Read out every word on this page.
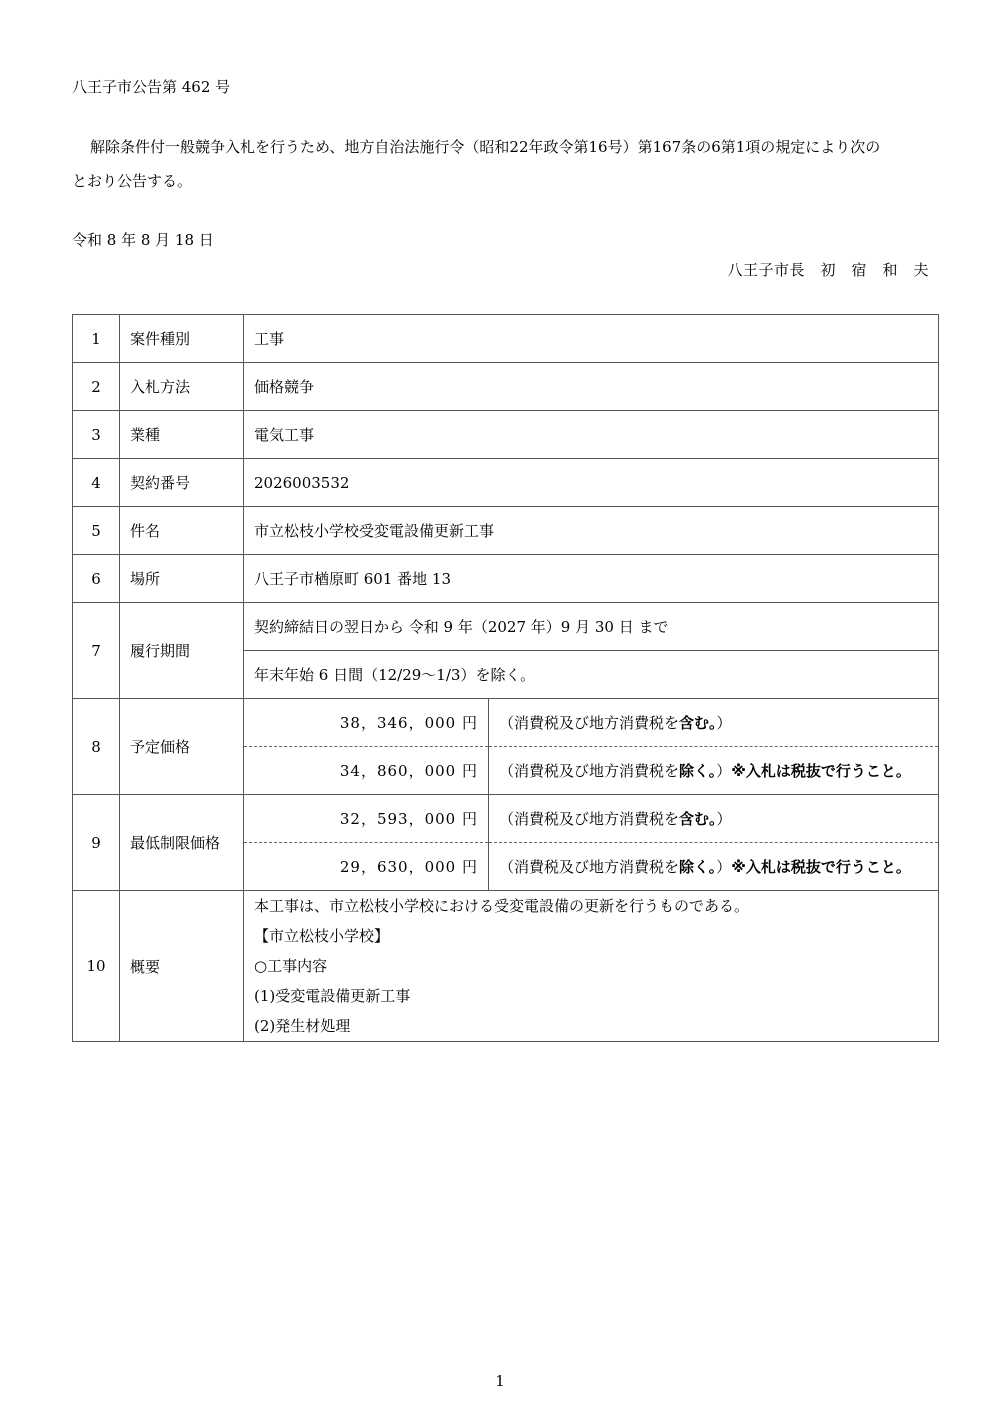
八王子市公告第 462 号
解除条件付一般競争入札を行うため、地方自治法施行令（昭和22年政令第16号）第167条の6第1項の規定により次の
とおり公告する。
令和 8 年 8 月 18 日
八王子市長　初　宿　和　夫
1	案件種別	工事	
2	入札方法	価格競争	
3	業種	電気工事	
4	契約番号	2026003532	
5	件名	市立松枝小学校受変電設備更新工事	
6	場所	八王子市楢原町 601 番地 13	
7	履行期間	契約締結日の翌日から 令和 9 年（2027 年）9 月 30 日 まで	
		年末年始 6 日間（12/29～1/3）を除く。	
8	予定価格	38，346，000 円	（消費税及び地方消費税を含む。）
		34，860，000 円	（消費税及び地方消費税を除く。）※入札は税抜で行うこと。
9	最低制限価格	32，593，000 円	（消費税及び地方消費税を含む。）
		29，630，000 円	（消費税及び地方消費税を除く。）※入札は税抜で行うこと。
10	概要	本工事は、市立松枝小学校における受変電設備の更新を行うものである。
【市立松枝小学校】
○工事内容
(1)受変電設備更新工事
(2)発生材処理	
1
